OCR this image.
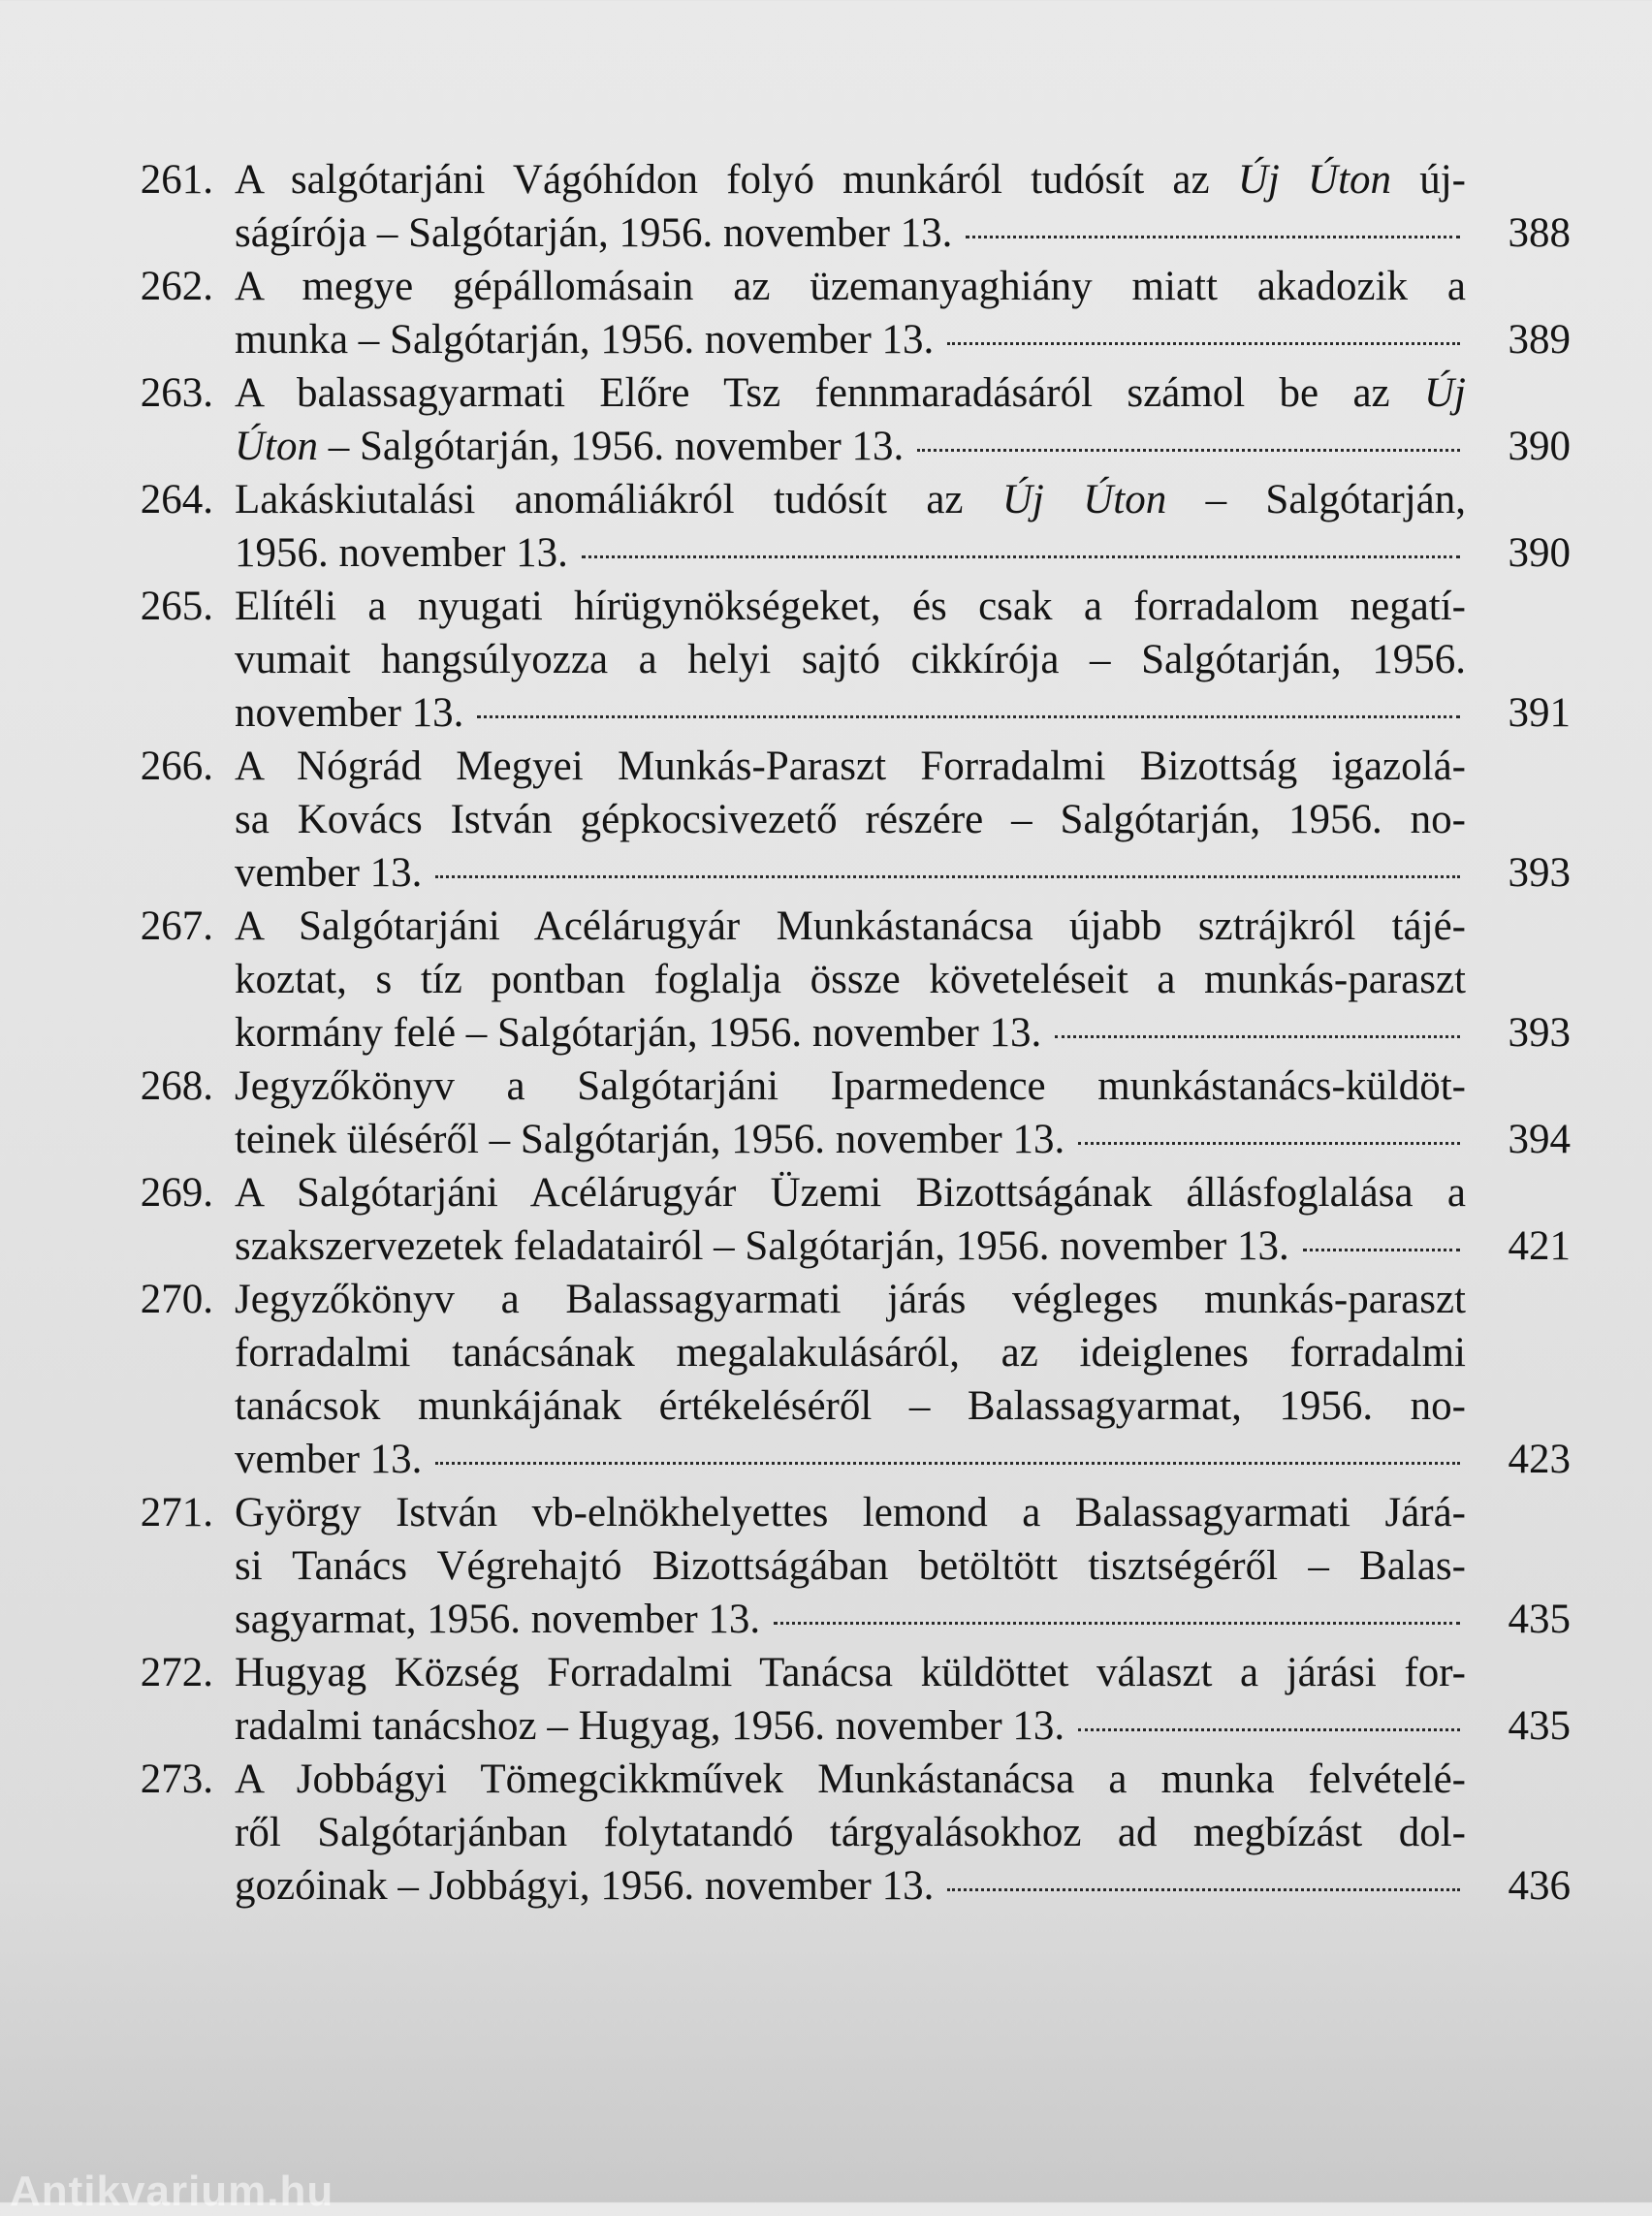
261. A salgótarjáni Vágóhídon folyó munkáról tudósít az Új Úton új-
ságírója – Salgótarján, 1956. november 13.	388
262. A megye gépállomásain az üzemanyaghiány miatt akadozik a
munka – Salgótarján, 1956. november 13.	389
263. A balassagyarmati Előre Tsz fennmaradásáról számol be az Új
Úton – Salgótarján, 1956. november 13.	390
264. Lakáskiutalási anomáliákról tudósít az Új Úton – Salgótarján,
1956. november 13.	390
265. Elítéli a nyugati hírügynökségeket, és csak a forradalom negatí-
vumait hangsúlyozza a helyi sajtó cikkírója – Salgótarján, 1956.
november 13.	391
266. A Nógrád Megyei Munkás-Paraszt Forradalmi Bizottság igazolá-
sa Kovács István gépkocsivezető részére – Salgótarján, 1956. no-
vember 13.	393
267. A Salgótarjáni Acélárugyár Munkástanácsa újabb sztrájkról tájé-
koztat, s tíz pontban foglalja össze követeléseit a munkás-paraszt
kormány felé – Salgótarján, 1956. november 13.	393
268. Jegyzőkönyv a Salgótarjáni Iparmedence munkástanács-küldöt-
teinek üléséről – Salgótarján, 1956. november 13.	394
269. A Salgótarjáni Acélárugyár Üzemi Bizottságának állásfoglalása a
szakszervezetek feladatairól – Salgótarján, 1956. november 13.	421
270. Jegyzőkönyv a Balassagyarmati járás végleges munkás-paraszt
forradalmi tanácsának megalakulásáról, az ideiglenes forradalmi
tanácsok munkájának értékeléséről – Balassagyarmat, 1956. no-
vember 13.	423
271. György István vb-elnökhelyettes lemond a Balassagyarmati Járá-
si Tanács Végrehajtó Bizottságában betöltött tisztségéről – Balas-
sagyarmat, 1956. november 13.	435
272. Hugyag Község Forradalmi Tanácsa küldöttet választ a járási for-
radalmi tanácshoz – Hugyag, 1956. november 13.	435
273. A Jobbágyi Tömegcikkművek Munkástanácsa a munka felvételé-
ről Salgótarjánban folytatandó tárgyalásokhoz ad megbízást dol-
gozóinak – Jobbágyi, 1956. november 13.	436
Antikvarium.hu
